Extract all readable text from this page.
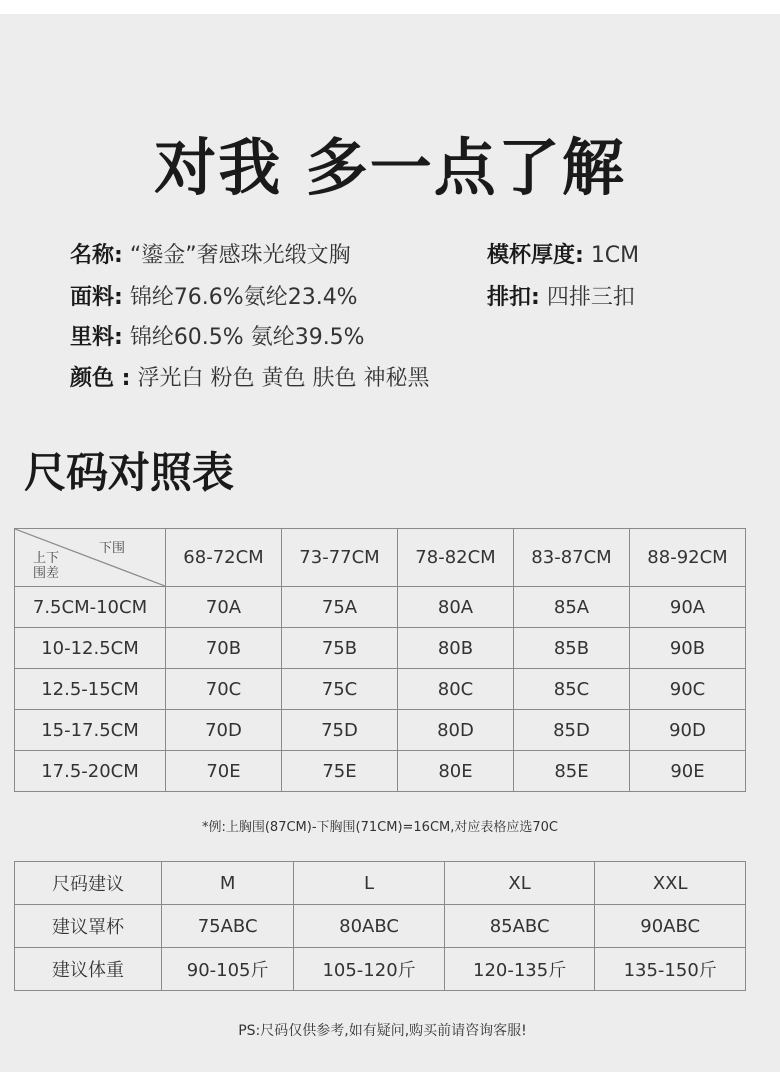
对我 多一点了解
名称: “鎏金”奢感珠光缎文胸
面料: 锦纶76.6%氨纶23.4%
里料: 锦纶60.5% 氨纶39.5%
颜色 : 浮光白 粉色 黄色 肤色 神秘黑
模杯厚度: 1CM
排扣: 四排三扣
尺码对照表
下围
上下
围差	68-72CM	73-77CM	78-82CM	83-87CM	88-92CM
7.5CM-10CM	70A	75A	80A	85A	90A
10-12.5CM	70B	75B	80B	85B	90B
12.5-15CM	70C	75C	80C	85C	90C
15-17.5CM	70D	75D	80D	85D	90D
17.5-20CM	70E	75E	80E	85E	90E
*例:上胸围(87CM)-下胸围(71CM)=16CM,对应表格应选70C
尺码建议	M	L	XL	XXL
建议罩杯	75ABC	80ABC	85ABC	90ABC
建议体重	90-105斤	105-120斤	120-135斤	135-150斤
PS:尺码仅供参考,如有疑问,购买前请咨询客服!
